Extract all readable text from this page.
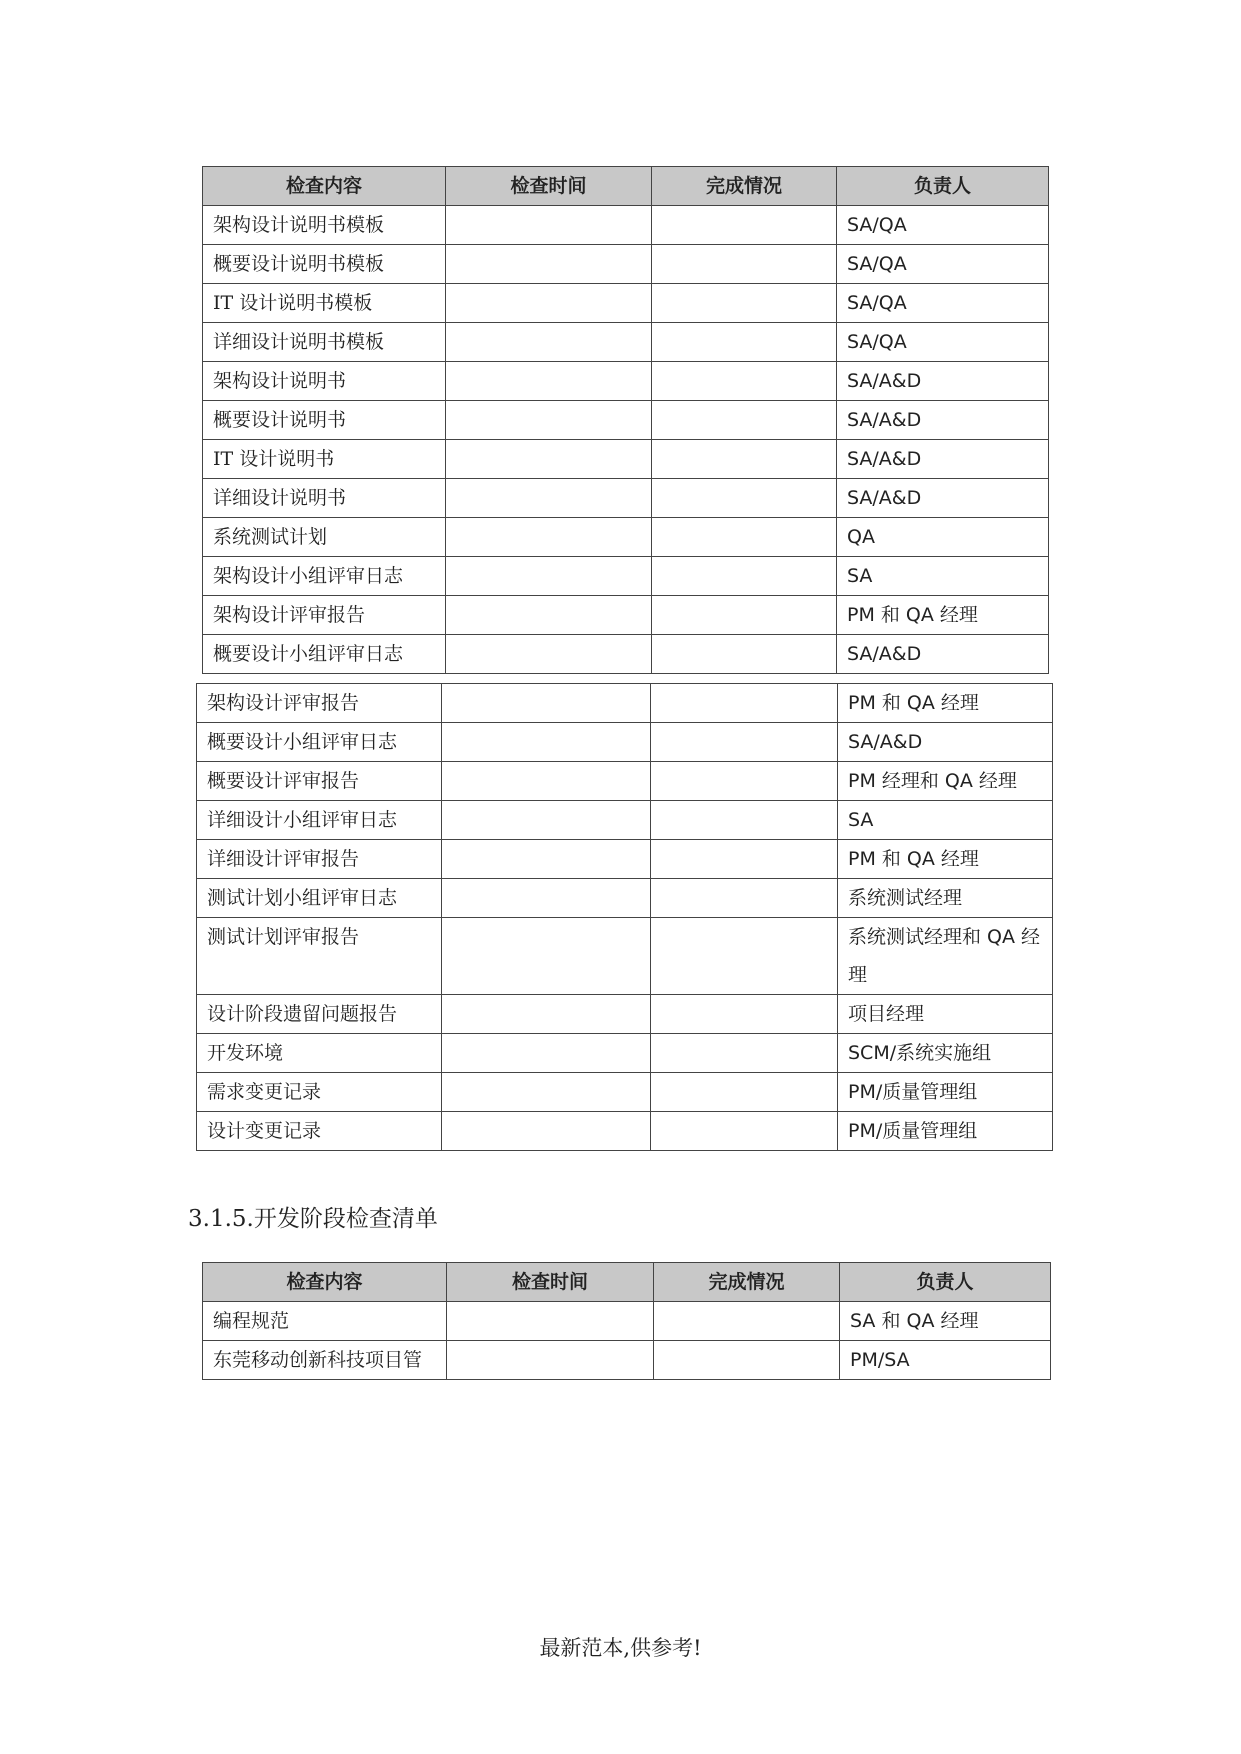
检查内容	检查时间	完成情况	负责人
架构设计说明书模板			SA/QA
概要设计说明书模板			SA/QA
IT 设计说明书模板			SA/QA
详细设计说明书模板			SA/QA
架构设计说明书			SA/A&D
概要设计说明书			SA/A&D
IT 设计说明书			SA/A&D
详细设计说明书			SA/A&D
系统测试计划			QA
架构设计小组评审日志			SA
架构设计评审报告			PM 和 QA 经理
概要设计小组评审日志			SA/A&D
架构设计评审报告			PM 和 QA 经理
概要设计小组评审日志			SA/A&D
概要设计评审报告			PM 经理和 QA 经理
详细设计小组评审日志			SA
详细设计评审报告			PM 和 QA 经理
测试计划小组评审日志			系统测试经理
测试计划评审报告			系统测试经理和 QA 经理
设计阶段遗留问题报告			项目经理
开发环境			SCM/系统实施组
需求变更记录			PM/质量管理组
设计变更记录			PM/质量管理组
3.1.5.开发阶段检查清单
检查内容	检查时间	完成情况	负责人
编程规范			SA 和 QA 经理
东莞移动创新科技项目管			PM/SA
最新范本,供参考!
